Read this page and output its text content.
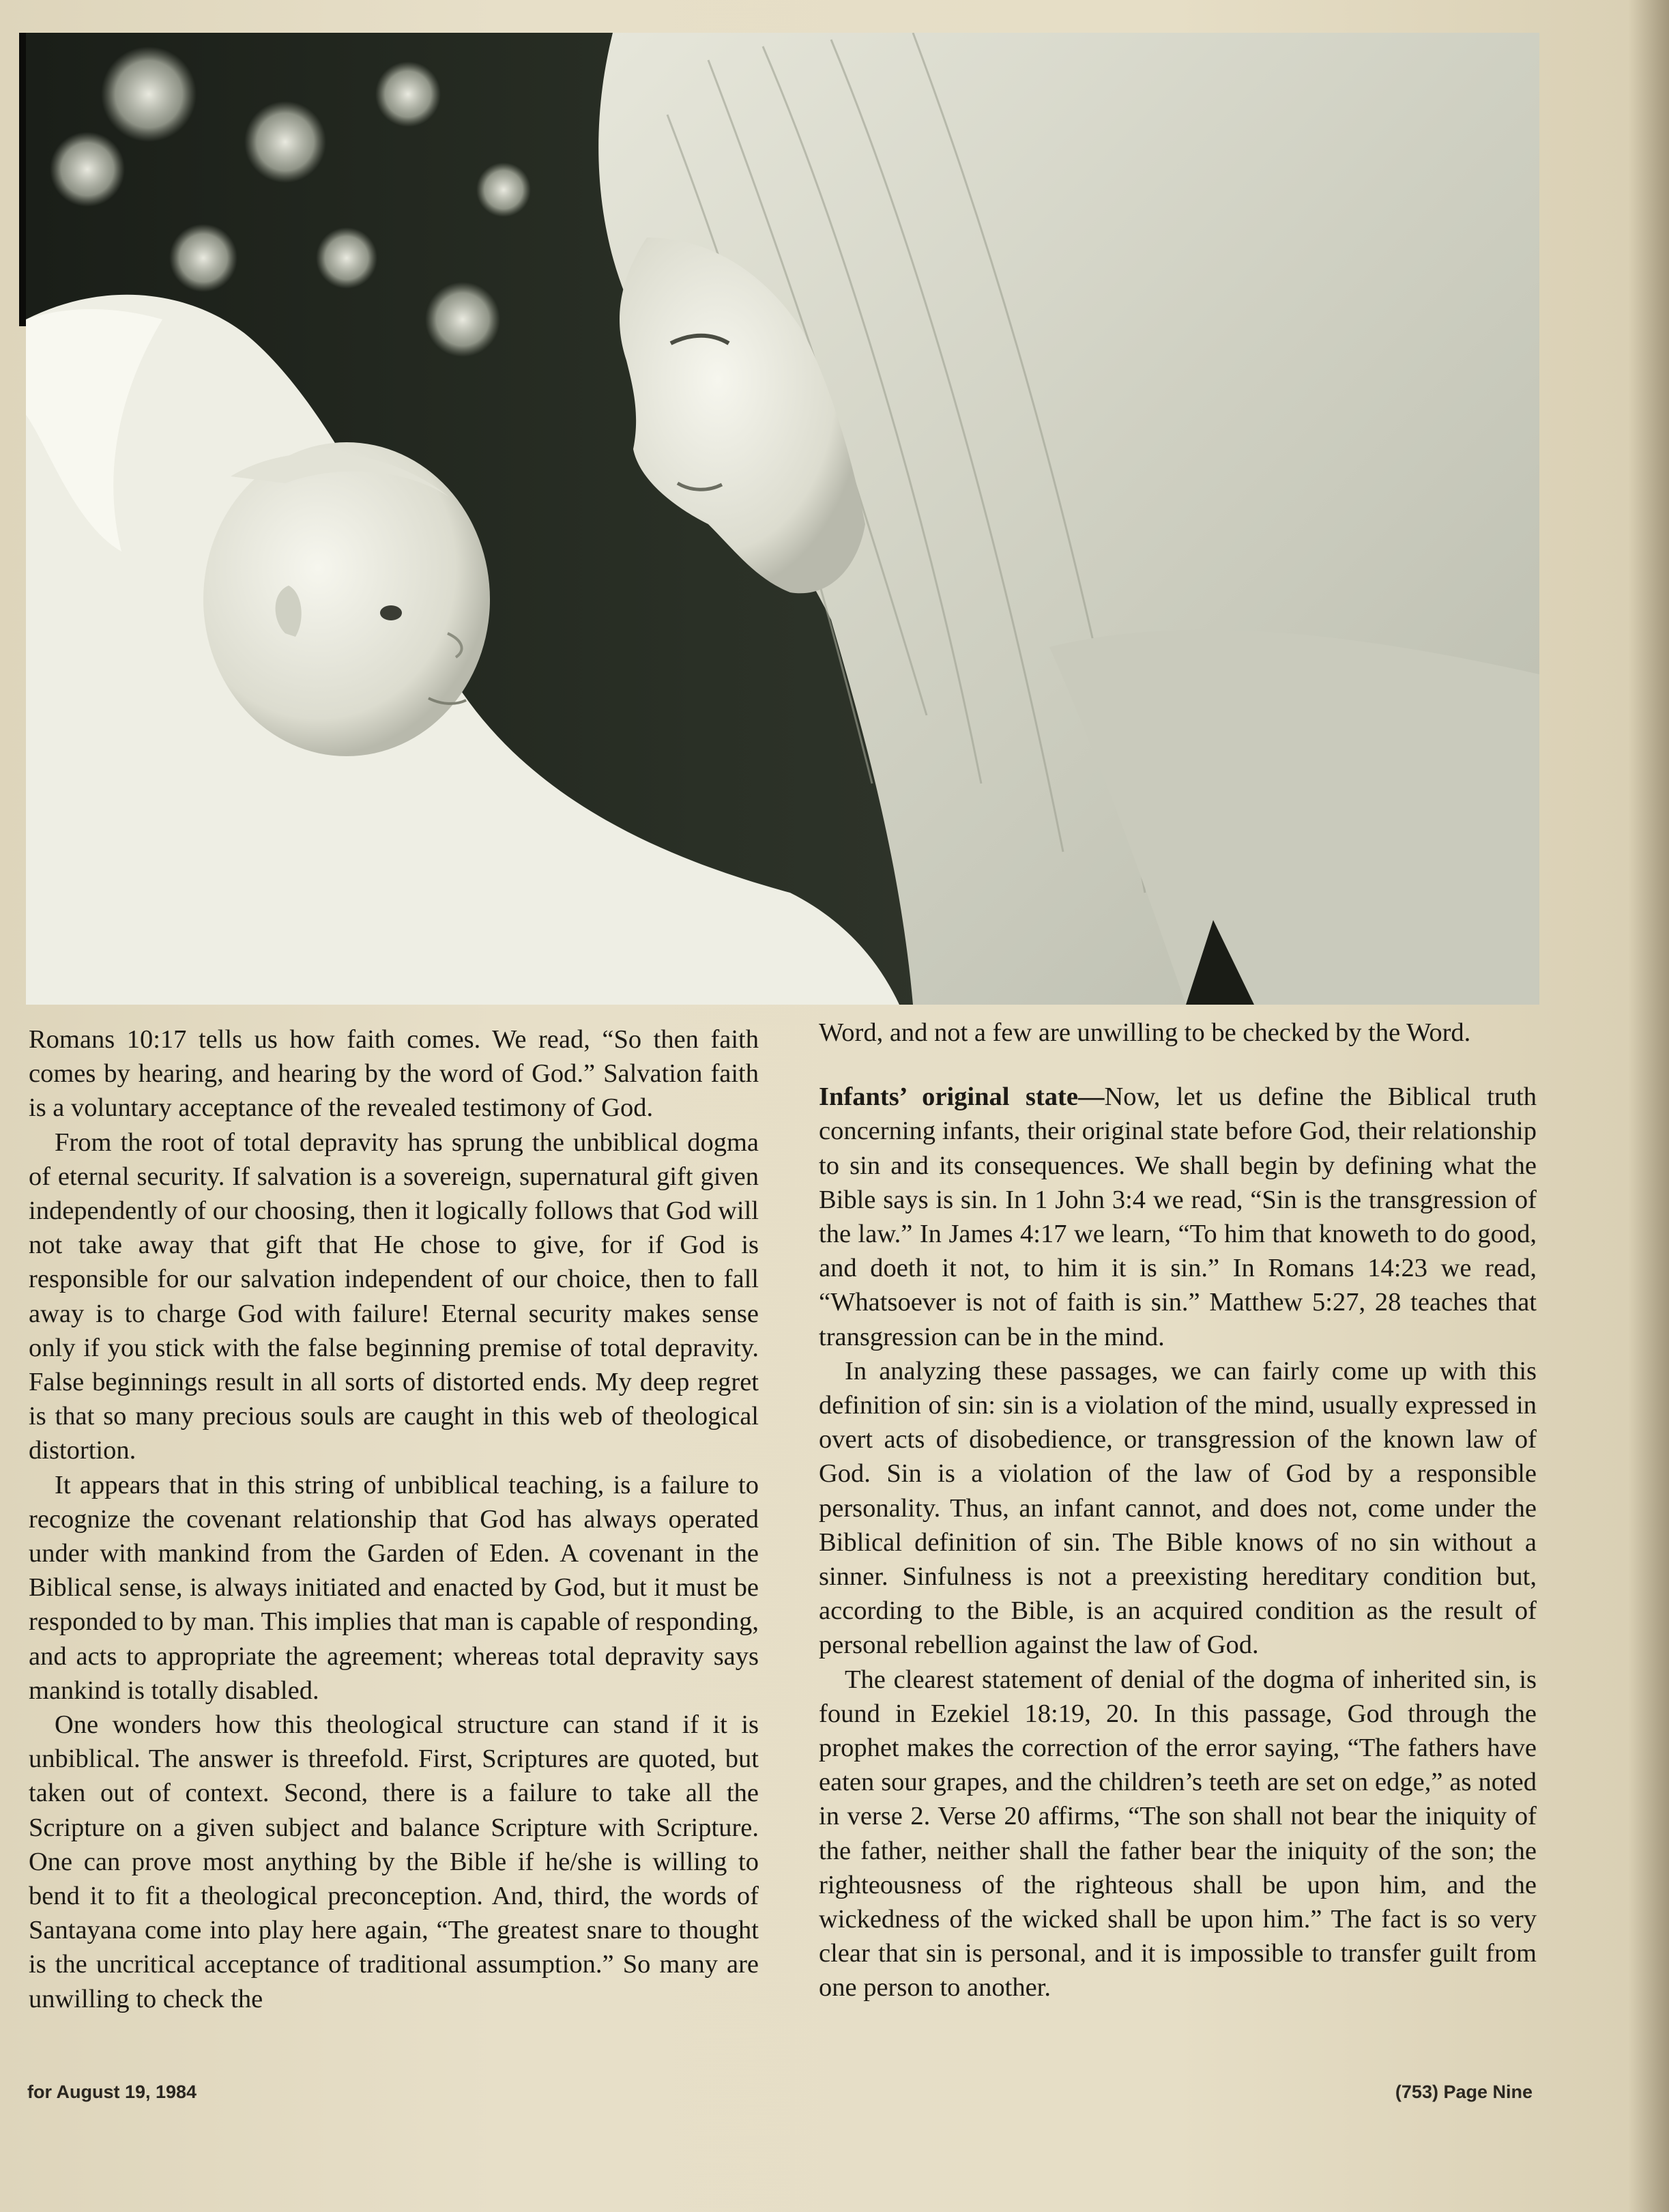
Romans 10:17 tells us how faith comes. We read, “So then faith comes by hearing, and hearing by the word of God.” Salvation faith is a voluntary acceptance of the revealed testimony of God.

From the root of total depravity has sprung the unbiblical dogma of eternal security. If salvation is a sovereign, supernatural gift given independently of our choosing, then it logically follows that God will not take away that gift that He chose to give, for if God is responsible for our salvation independent of our choice, then to fall away is to charge God with failure! Eternal security makes sense only if you stick with the false beginning premise of total depravity. False beginnings result in all sorts of distorted ends. My deep regret is that so many precious souls are caught in this web of theological distortion.

It appears that in this string of unbiblical teaching, is a failure to recognize the covenant relationship that God has always operated under with mankind from the Garden of Eden. A covenant in the Biblical sense, is always initiated and enacted by God, but it must be responded to by man. This implies that man is capable of responding, and acts to appropriate the agreement; whereas total depravity says mankind is totally disabled.

One wonders how this theological structure can stand if it is unbiblical. The answer is threefold. First, Scriptures are quoted, but taken out of context. Second, there is a failure to take all the Scripture on a given subject and balance Scripture with Scripture. One can prove most anything by the Bible if he/she is willing to bend it to fit a theological preconception. And, third, the words of Santayana come into play here again, “The greatest snare to thought is the uncritical acceptance of traditional assumption.” So many are unwilling to check the

Word, and not a few are unwilling to be checked by the Word.

Infants’ original state—Now, let us define the Biblical truth concerning infants, their original state before God, their relationship to sin and its consequences. We shall begin by defining what the Bible says is sin. In 1 John 3:4 we read, “Sin is the transgression of the law.” In James 4:17 we learn, “To him that knoweth to do good, and doeth it not, to him it is sin.” In Romans 14:23 we read, “Whatsoever is not of faith is sin.” Matthew 5:27, 28 teaches that transgression can be in the mind.

In analyzing these passages, we can fairly come up with this definition of sin: sin is a violation of the mind, usually expressed in overt acts of disobedience, or transgression of the known law of God. Sin is a violation of the law of God by a responsible personality. Thus, an infant cannot, and does not, come under the Biblical definition of sin. The Bible knows of no sin without a sinner. Sinfulness is not a preexisting hereditary condition but, according to the Bible, is an acquired condition as the result of personal rebellion against the law of God.

The clearest statement of denial of the dogma of inherited sin, is found in Ezekiel 18:19, 20. In this passage, God through the prophet makes the correction of the error saying, “The fathers have eaten sour grapes, and the children’s teeth are set on edge,” as noted in verse 2. Verse 20 affirms, “The son shall not bear the iniquity of the father, neither shall the father bear the iniquity of the son; the righteousness of the righteous shall be upon him, and the wickedness of the wicked shall be upon him.” The fact is so very clear that sin is personal, and it is impossible to transfer guilt from one person to another.

for August 19, 1984	(753) Page Nine
